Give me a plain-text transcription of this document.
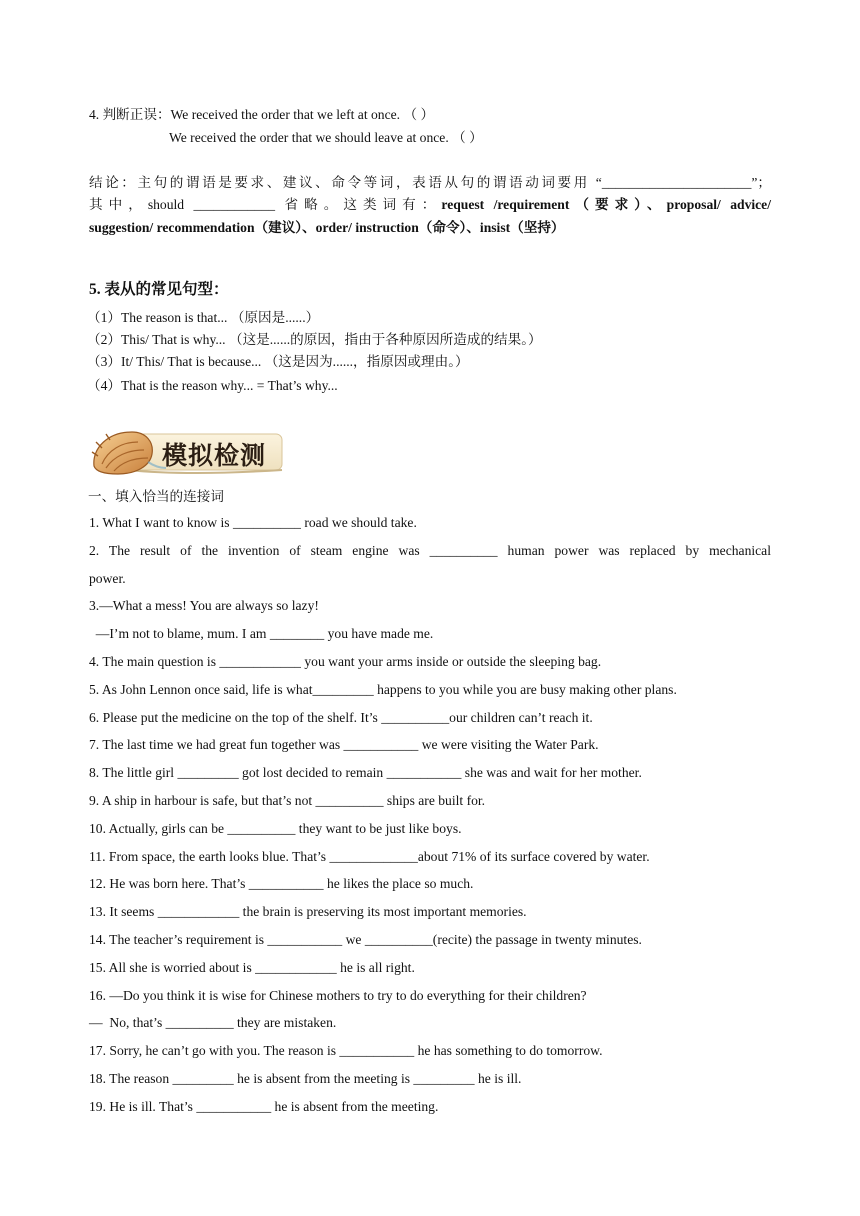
4. 判断正误：We received the order that we left at once. （ ）
We received the order that we should leave at once. （ ）
结论：主句的谓语是要求、建议、命令等词，表语从句的谓语动词要用 “______________________”；
其中，should ____________ 省略。这类词有：request /requirement（要求）、proposal/ advice/
suggestion/ recommendation（建议）、order/ instruction（命令）、insist（坚持）
5. 表从的常见句型：
（1）The reason is that... （原因是......）
（2）This/ That is why... （这是......的原因，指由于各种原因所造成的结果。）
（3）It/ This/ That is because... （这是因为......，指原因或理由。）
（4）That is the reason why... = That’s why...
模拟检测
一、填入恰当的连接词
1. What I want to know is __________ road we should take.
2. The result of the invention of steam engine was __________ human power was replaced by mechanical
power.
3.—What a mess! You are always so lazy!
—I’m not to blame, mum. I am ________ you have made me.
4. The main question is ____________ you want your arms inside or outside the sleeping bag.
5. As John Lennon once said, life is what_________ happens to you while you are busy making other plans.
6. Please put the medicine on the top of the shelf. It’s __________our children can’t reach it.
7. The last time we had great fun together was ___________ we were visiting the Water Park.
8. The little girl _________ got lost decided to remain ___________ she was and wait for her mother.
9. A ship in harbour is safe, but that’s not __________ ships are built for.
10. Actually, girls can be __________ they want to be just like boys.
11. From space, the earth looks blue. That’s _____________about 71% of its surface covered by water.
12. He was born here. That’s ___________ he likes the place so much.
13. It seems ____________ the brain is preserving its most important memories.
14. The teacher’s requirement is ___________ we __________(recite) the passage in twenty minutes.
15. All she is worried about is ____________ he is all right.
16. —Do you think it is wise for Chinese mothers to try to do everything for their children?
—  No, that’s __________ they are mistaken.
17. Sorry, he can’t go with you. The reason is ___________ he has something to do tomorrow.
18. The reason _________ he is absent from the meeting is _________ he is ill.
19. He is ill. That’s ___________ he is absent from the meeting.
